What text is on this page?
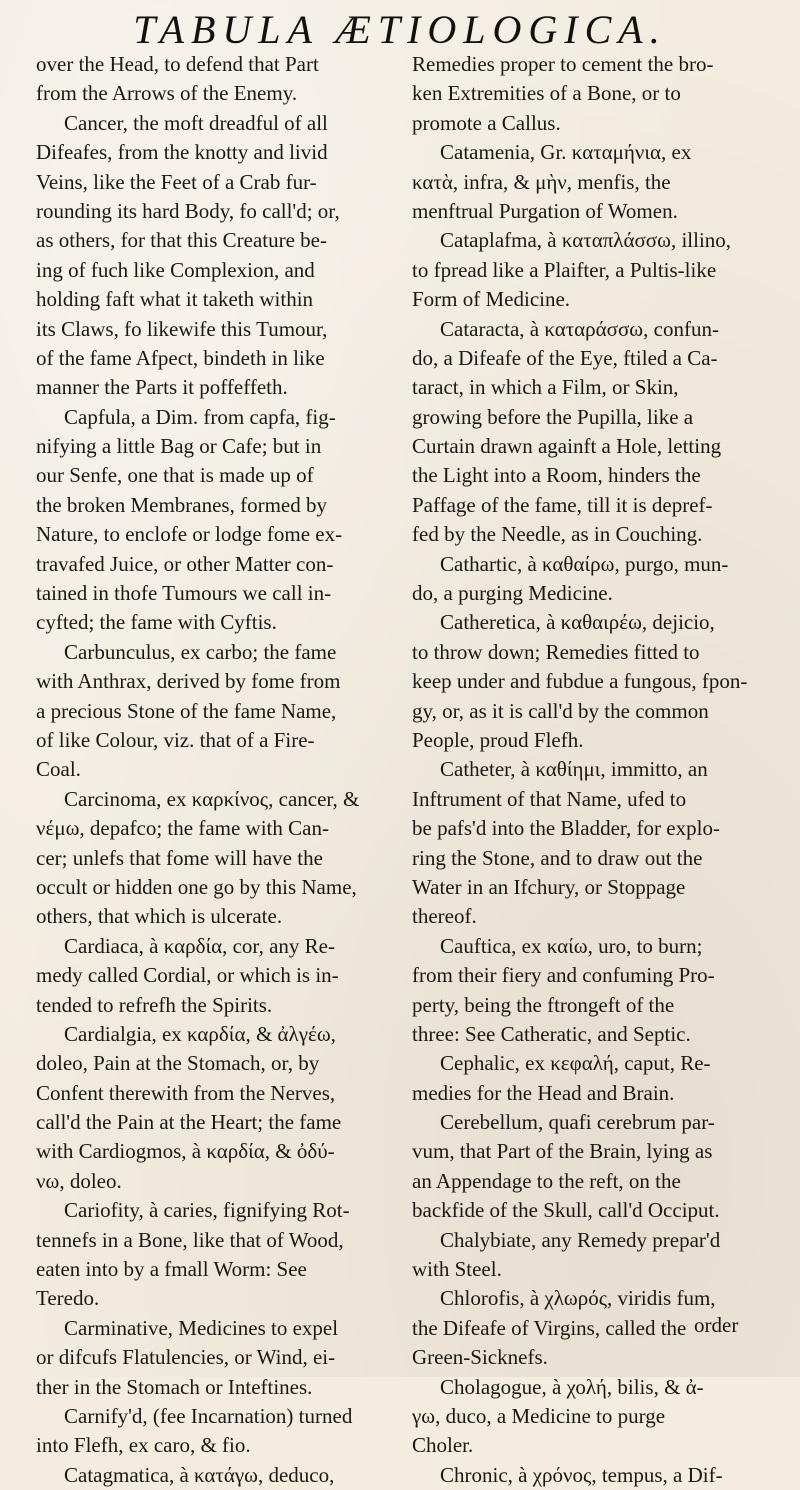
TABULA ÆTIOLOGICA.
over the Head, to defend that Part
from the Arrows of the Enemy.
Cancer, the moft dreadful of all
Difeafes, from the knotty and livid
Veins, like the Feet of a Crab fur-
rounding its hard Body, fo call'd; or,
as others, for that this Creature be-
ing of fuch like Complexion, and
holding faft what it taketh within
its Claws, fo likewife this Tumour,
of the fame Afpect, bindeth in like
manner the Parts it poffeffeth.
Capfula, a Dim. from capfa, fig-
nifying a little Bag or Cafe; but in
our Senfe, one that is made up of
the broken Membranes, formed by
Nature, to enclofe or lodge fome ex-
travafed Juice, or other Matter con-
tained in thofe Tumours we call in-
cyfted; the fame with Cyftis.
Carbunculus, ex carbo; the fame
with Anthrax, derived by fome from
a precious Stone of the fame Name,
of like Colour, viz. that of a Fire-
Coal.
Carcinoma, ex καρκίνος, cancer, &
νέμω, depafco; the fame with Can-
cer; unlefs that fome will have the
occult or hidden one go by this Name,
others, that which is ulcerate.
Cardiaca, à καρδία, cor, any Re-
medy called Cordial, or which is in-
tended to refrefh the Spirits.
Cardialgia, ex καρδία, & ἀλγέω,
doleo, Pain at the Stomach, or, by
Confent therewith from the Nerves,
call'd the Pain at the Heart; the fame
with Cardiogmos, à καρδία, & ὀδύ-
νω, doleo.
Cariofity, à caries, fignifying Rot-
tennefs in a Bone, like that of Wood,
eaten into by a fmall Worm: See
Teredo.
Carminative, Medicines to expel
or difcufs Flatulencies, or Wind, ei-
ther in the Stomach or Inteftines.
Carnify'd, (fee Incarnation) turned
into Flefh, ex caro, & fio.
Catagmatica, à κατάγω, deduco,
Remedies proper to cement the bro-
ken Extremities of a Bone, or to
promote a Callus.
Catamenia, Gr. καταμήνια, ex
κατὰ, infra, & μὴν, menfis, the
menftrual Purgation of Women.
Cataplafma, à καταπλάσσω, illino,
to fpread like a Plaifter, a Pultis-like
Form of Medicine.
Cataracta, à καταράσσω, confun-
do, a Difeafe of the Eye, ftiled a Ca-
taract, in which a Film, or Skin,
growing before the Pupilla, like a
Curtain drawn againft a Hole, letting
the Light into a Room, hinders the
Paffage of the fame, till it is depref-
fed by the Needle, as in Couching.
Cathartic, à καθαίρω, purgo, mun-
do, a purging Medicine.
Catheretica, à καθαιρέω, dejicio,
to throw down; Remedies fitted to
keep under and fubdue a fungous, fpon-
gy, or, as it is call'd by the common
People, proud Flefh.
Catheter, à καθίημι, immitto, an
Inftrument of that Name, ufed to
be pafs'd into the Bladder, for explo-
ring the Stone, and to draw out the
Water in an Ifchury, or Stoppage
thereof.
Cauftica, ex καίω, uro, to burn;
from their fiery and confuming Pro-
perty, being the ftrongeft of the
three: See Catheratic, and Septic.
Cephalic, ex κεφαλή, caput, Re-
medies for the Head and Brain.
Cerebellum, quafi cerebrum par-
vum, that Part of the Brain, lying as
an Appendage to the reft, on the
backfide of the Skull, call'd Occiput.
Chalybiate, any Remedy prepar'd
with Steel.
Chlorofis, à χλωρός, viridis fum,
the Difeafe of Virgins, called the
Green-Sicknefs.
Cholagogue, à χολή, bilis, & ἀ-
γω, duco, a Medicine to purge
Choler.
Chronic, à χρόνος, tempus, a Dif-
order
